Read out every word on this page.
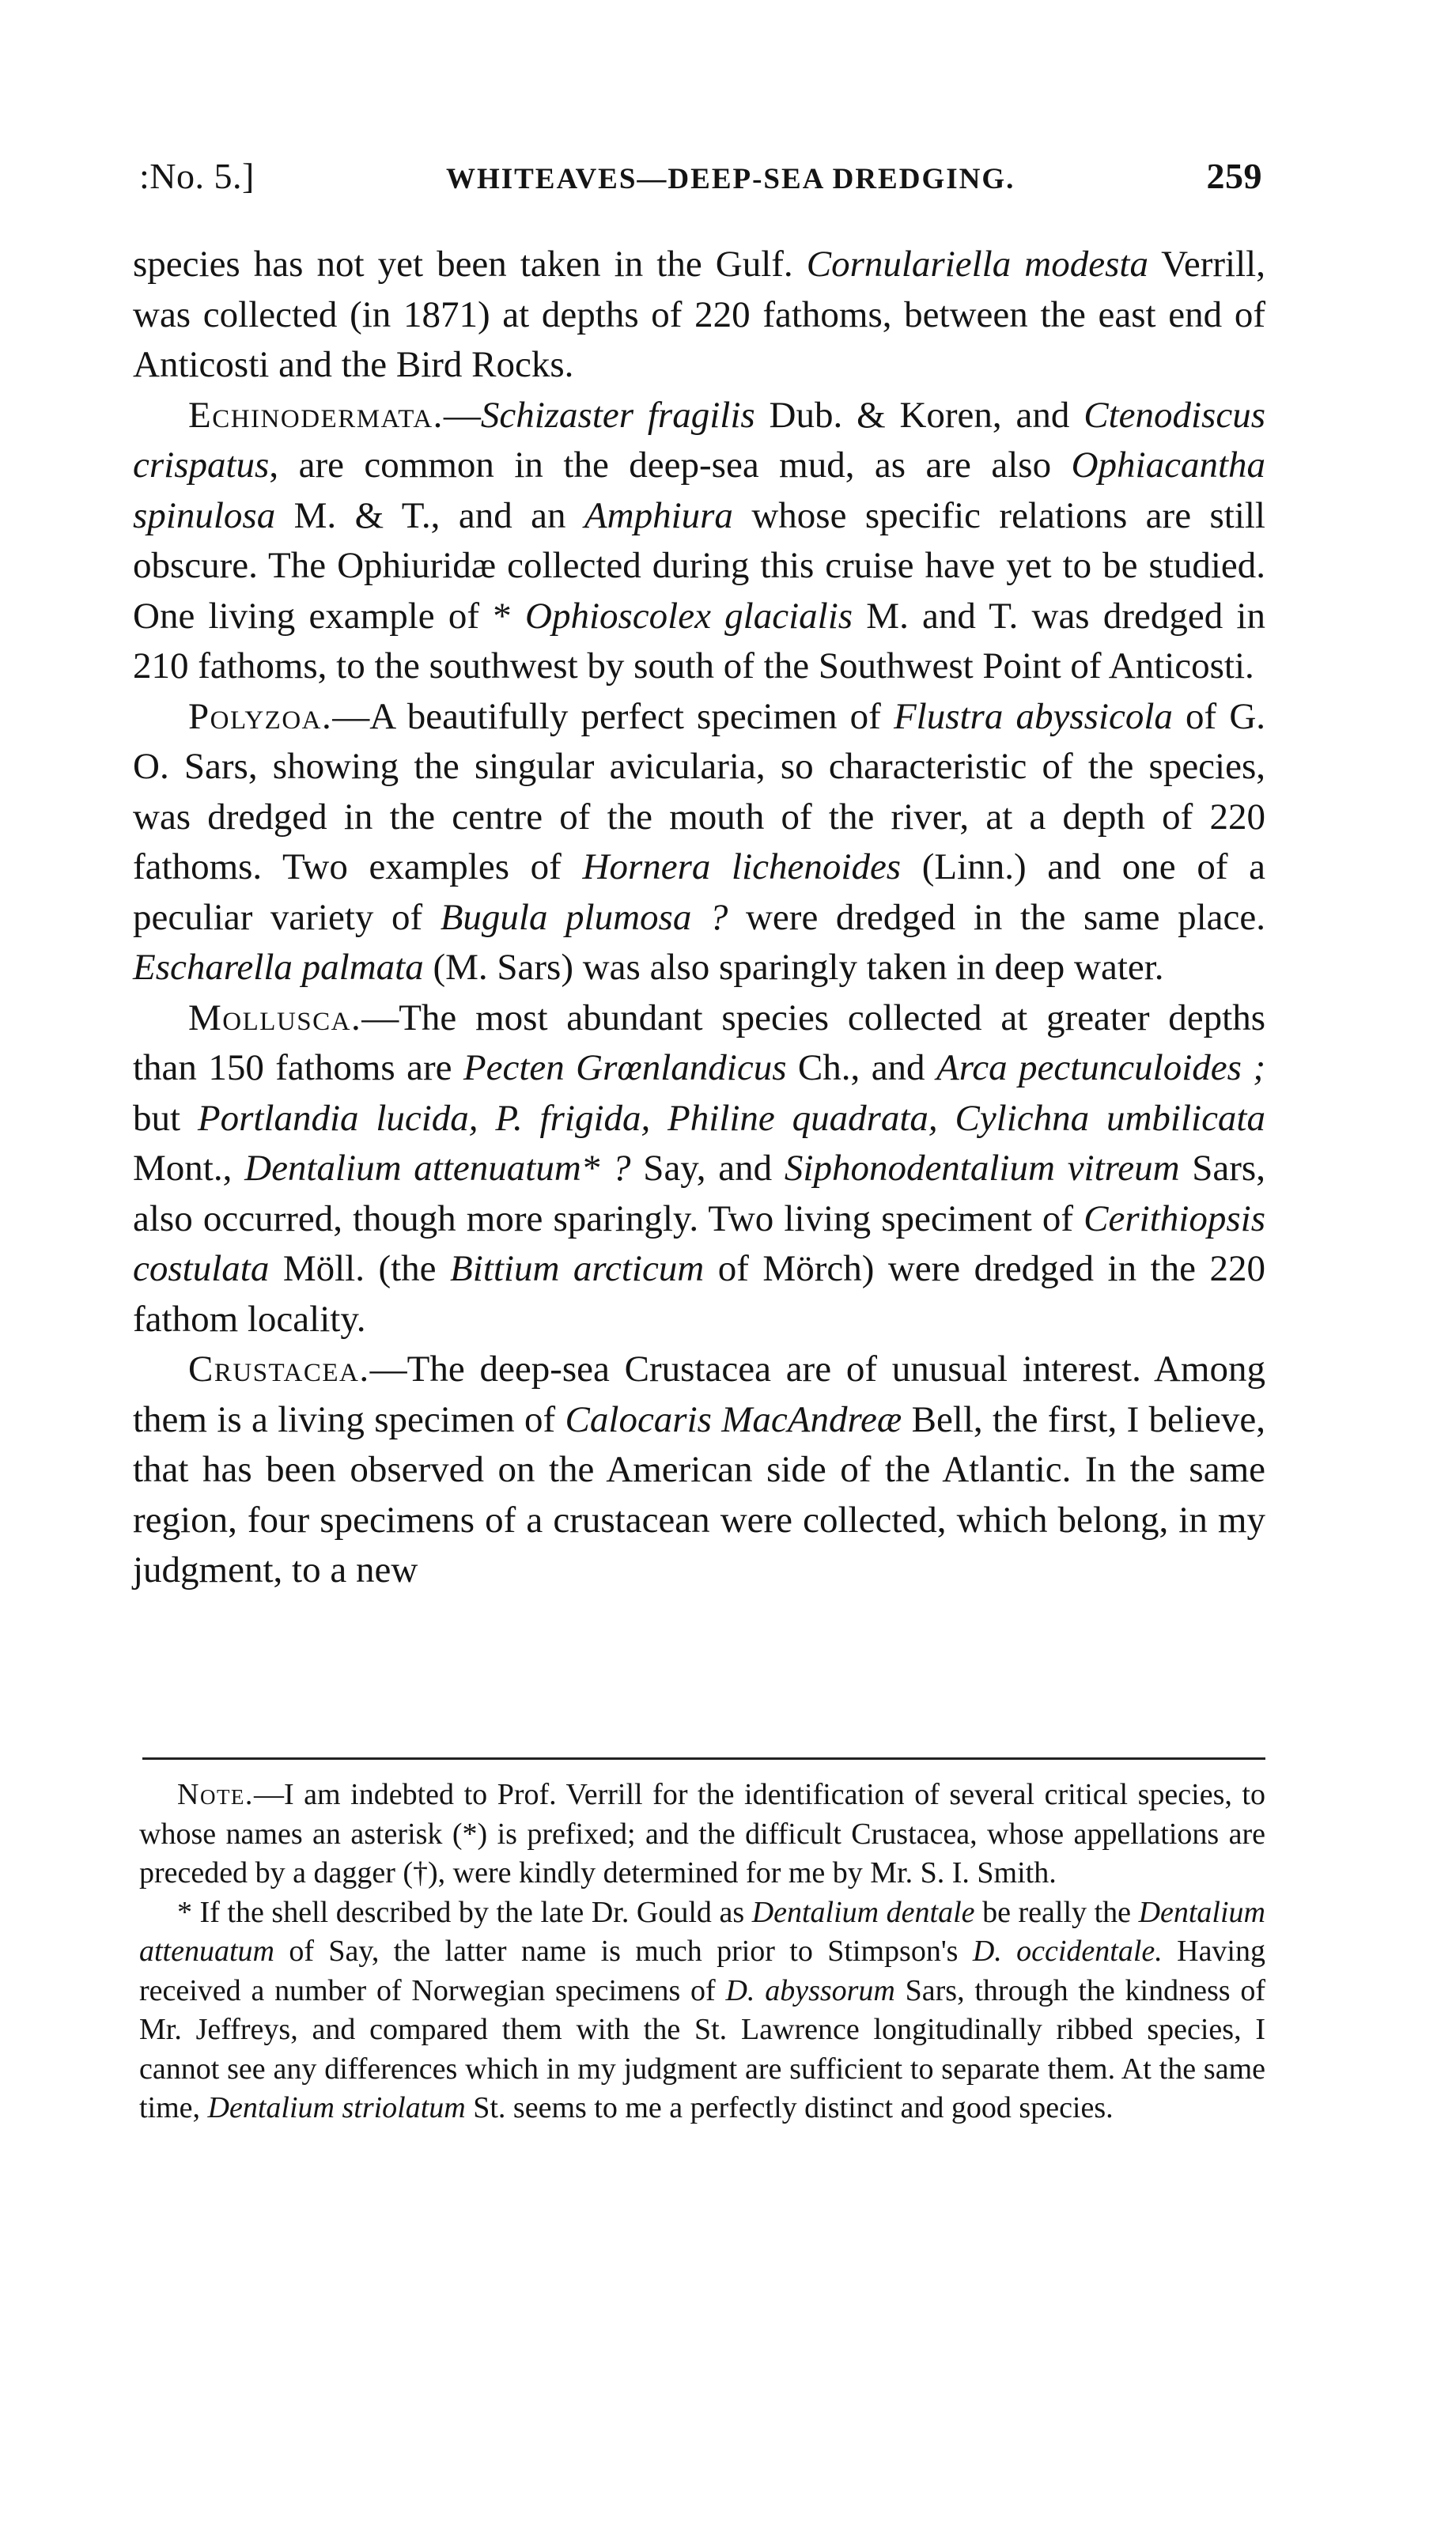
:No. 5.]	WHITEAVES—DEEP-SEA DREDGING.	259

species has not yet been taken in the Gulf. Cornulariella modesta Verrill, was collected (in 1871) at depths of 220 fathoms, between the east end of Anticosti and the Bird Rocks.

Echinodermata.—Schizaster fragilis Dub. & Koren, and Ctenodiscus crispatus, are common in the deep-sea mud, as are also Ophiacantha spinulosa M. & T., and an Amphiura whose specific relations are still obscure. The Ophiuridæ collected during this cruise have yet to be studied. One living example of * Ophioscolex glacialis M. and T. was dredged in 210 fathoms, to the southwest by south of the Southwest Point of Anticosti.

Polyzoa.—A beautifully perfect specimen of Flustra abyssicola of G. O. Sars, showing the singular avicularia, so characteristic of the species, was dredged in the centre of the mouth of the river, at a depth of 220 fathoms. Two examples of Hornera lichenoides (Linn.) and one of a peculiar variety of Bugula plumosa ? were dredged in the same place. Escharella palmata (M. Sars) was also sparingly taken in deep water.

Mollusca.—The most abundant species collected at greater depths than 150 fathoms are Pecten Grœnlandicus Ch., and Arca pectunculoides ; but Portlandia lucida, P. frigida, Philine quadrata, Cylichna umbilicata Mont., Dentalium attenuatum* ? Say, and Siphonodentalium vitreum Sars, also occurred, though more sparingly. Two living speciment of Cerithiopsis costulata Möll. (the Bittium arcticum of Mörch) were dredged in the 220 fathom locality.

Crustacea.—The deep-sea Crustacea are of unusual interest. Among them is a living specimen of Calocaris MacAndreæ Bell, the first, I believe, that has been observed on the American side of the Atlantic. In the same region, four specimens of a crustacean were collected, which belong, in my judgment, to a new

Note.—I am indebted to Prof. Verrill for the identification of several critical species, to whose names an asterisk (*) is prefixed; and the difficult Crustacea, whose appellations are preceded by a dagger (†), were kindly determined for me by Mr. S. I. Smith.

* If the shell described by the late Dr. Gould as Dentalium dentale be really the Dentalium attenuatum of Say, the latter name is much prior to Stimpson's D. occidentale. Having received a number of Norwegian specimens of D. abyssorum Sars, through the kindness of Mr. Jeffreys, and compared them with the St. Lawrence longitudinally ribbed species, I cannot see any differences which in my judgment are sufficient to separate them. At the same time, Dentalium striolatum St. seems to me a perfectly distinct and good species.
